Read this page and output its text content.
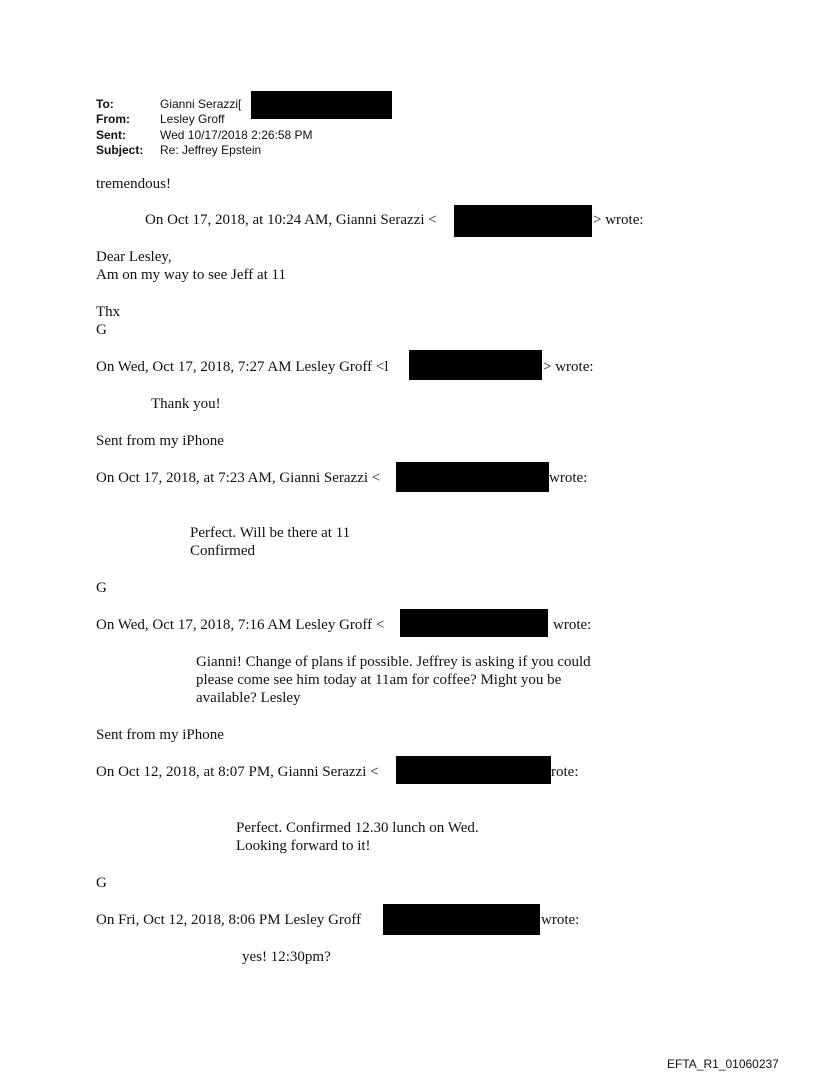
To:	Gianni Serazzi[
From:	Lesley Groff
Sent:	Wed 10/17/2018 2:26:58 PM
Subject: Re: Jeffrey Epstein
tremendous!
On Oct 17, 2018, at 10:24 AM, Gianni Serazzi <	> wrote:
Dear Lesley,
Am on my way to see Jeff at 11
Thx
G
On Wed, Oct 17, 2018, 7:27 AM Lesley Groff <l	> wrote:
Thank you!
Sent from my iPhone
On Oct 17, 2018, at 7:23 AM, Gianni Serazzi <	wrote:
Perfect. Will be there at 11
Confirmed
G
On Wed, Oct 17, 2018, 7:16 AM Lesley Groff <	wrote:
Gianni! Change of plans if possible. Jeffrey is asking if you could
please come see him today at 11am for coffee? Might you be
available? Lesley
Sent from my iPhone
On Oct 12, 2018, at 8:07 PM, Gianni Serazzi <	rote:
Perfect. Confirmed 12.30 lunch on Wed.
Looking forward to it!
G
On Fri, Oct 12, 2018, 8:06 PM Lesley Groff	wrote:
yes! 12:30pm?
EFTA_R1_01060237
